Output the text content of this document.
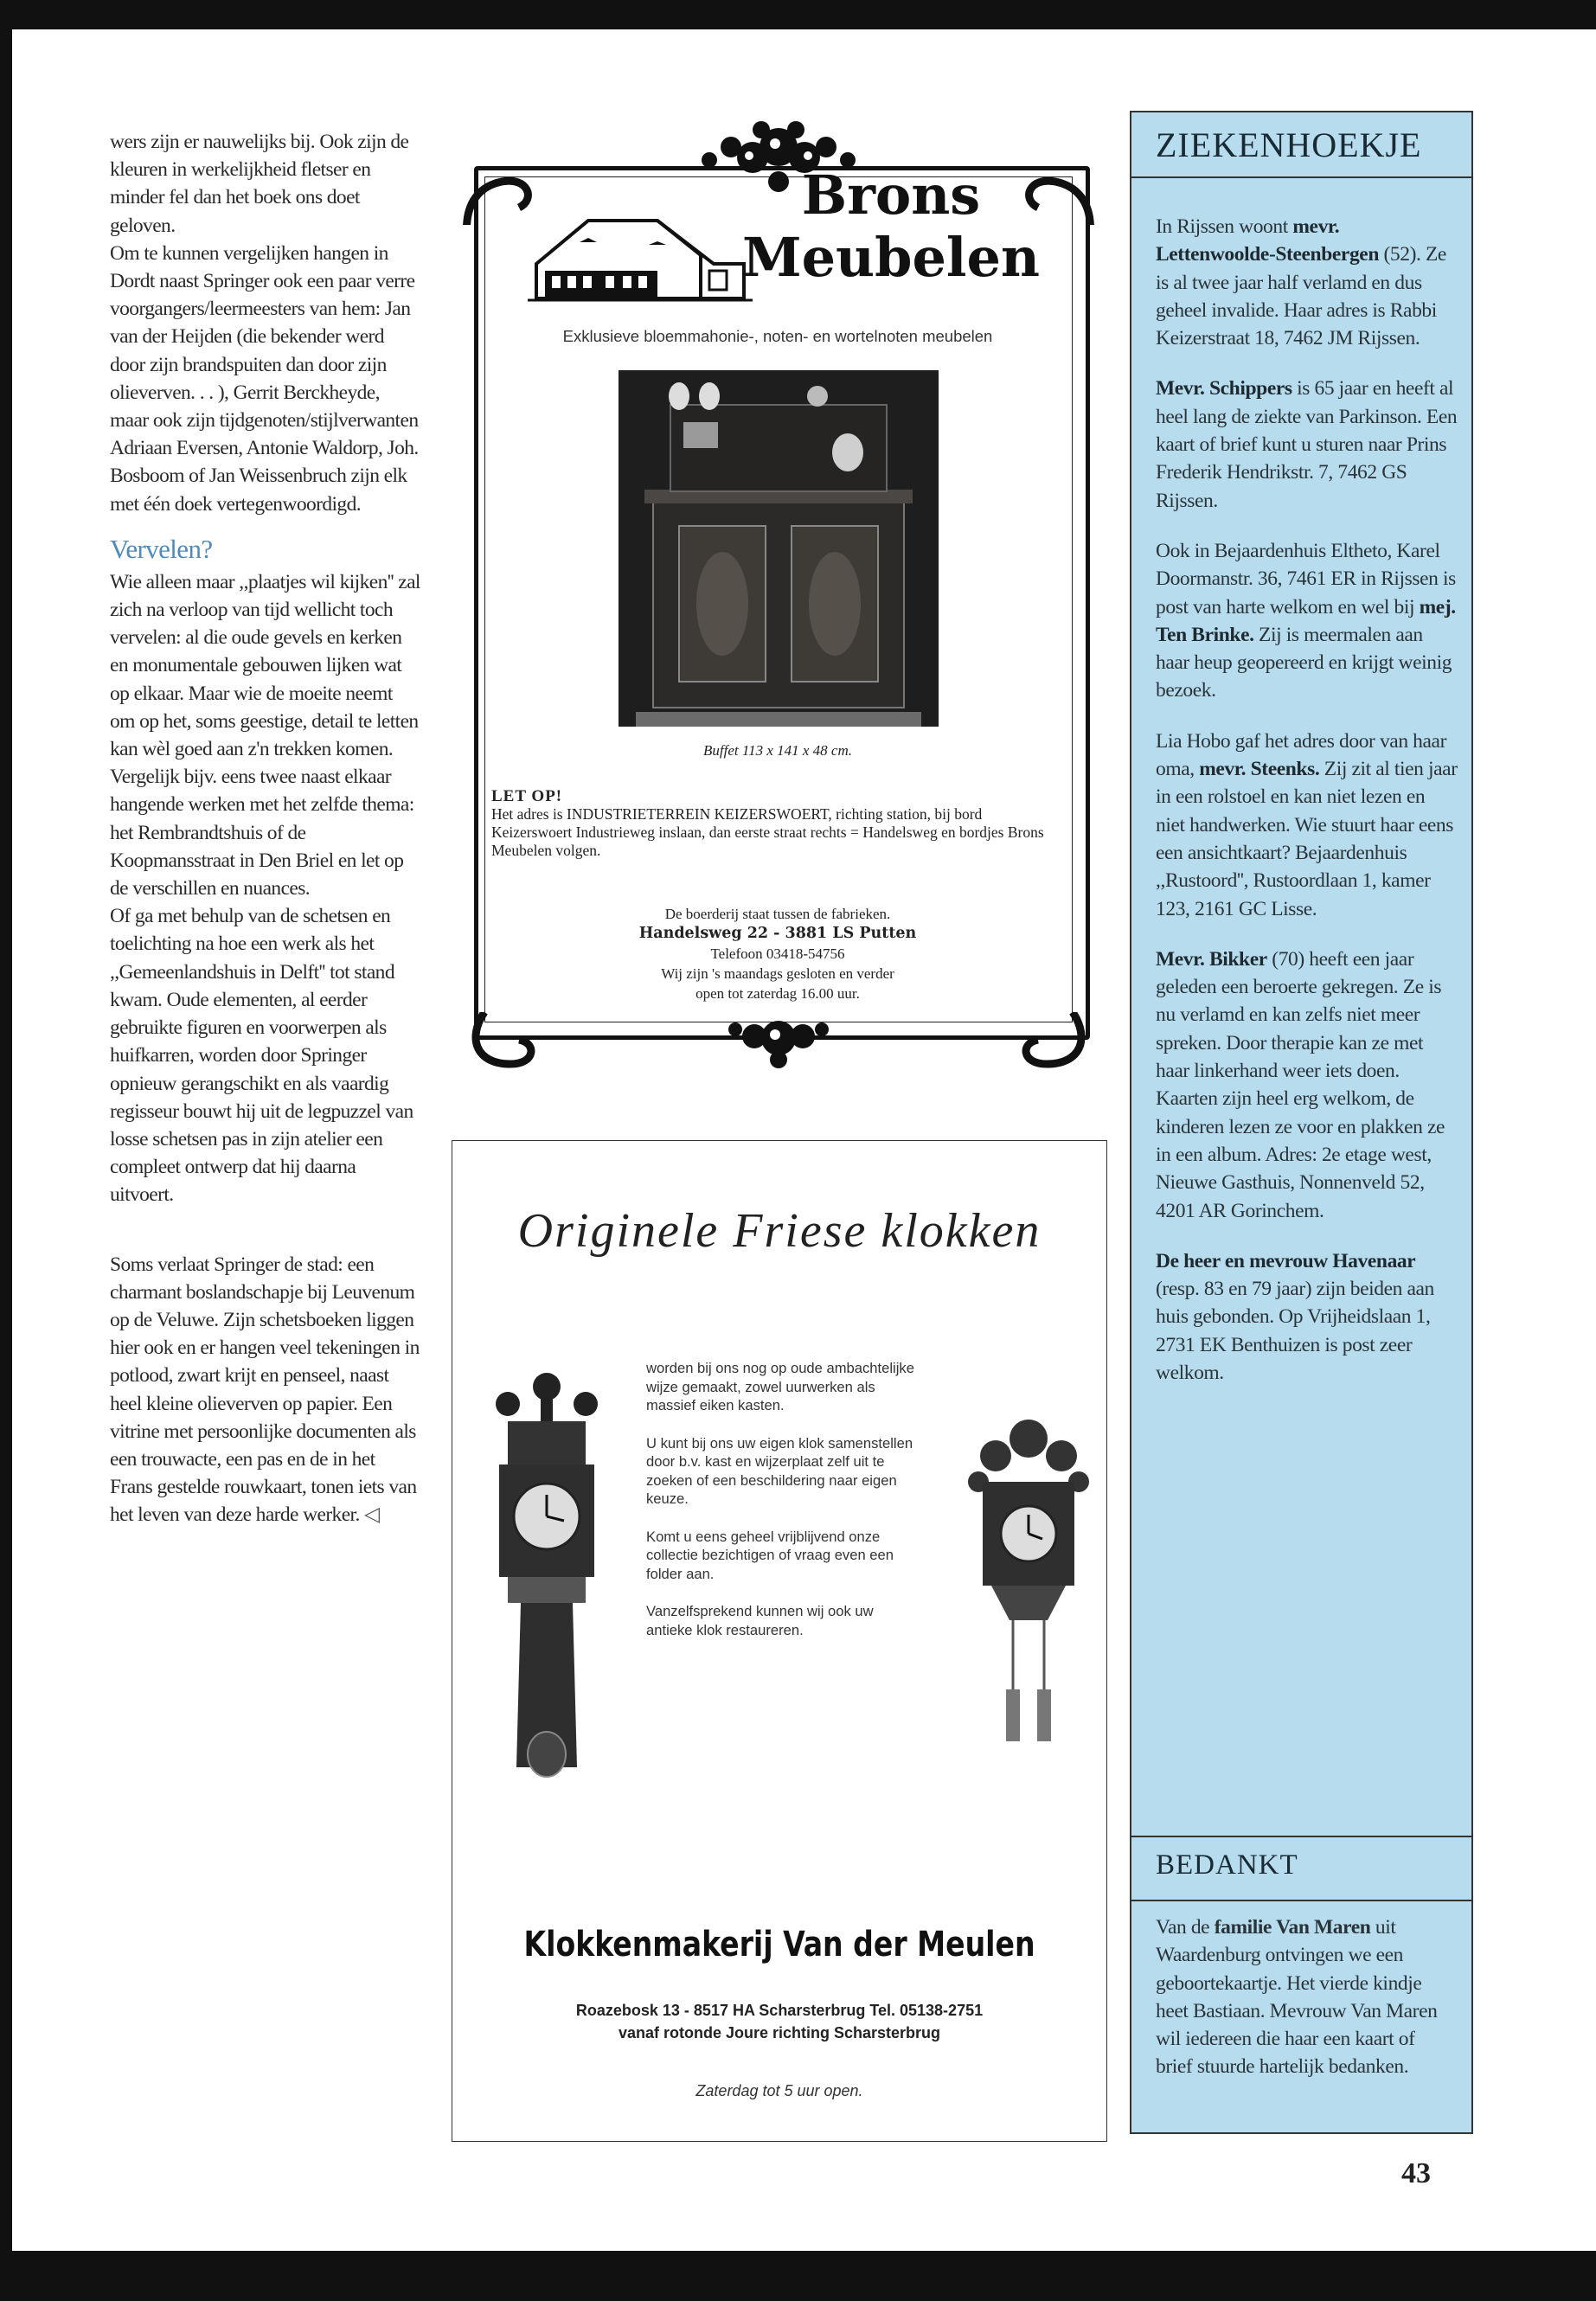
wers zijn er nauwelijks bij. Ook zijn de kleuren in werkelijkheid fletser en minder fel dan het boek ons doet geloven.

Om te kunnen vergelijken hangen in Dordt naast Springer ook een paar verre voorgangers/leermeesters van hem: Jan van der Heijden (die bekender werd door zijn brandspuiten dan door zijn olieverven. . . ), Gerrit Berckheyde, maar ook zijn tijdgenoten/stijlverwanten Adriaan Eversen, Antonie Waldorp, Joh. Bosboom of Jan Weissenbruch zijn elk met één doek vertegenwoordigd.

Vervelen?

Wie alleen maar ,,plaatjes wil kijken'' zal zich na verloop van tijd wellicht toch vervelen: al die oude gevels en kerken en monumentale gebouwen lijken wat op elkaar. Maar wie de moeite neemt om op het, soms geestige, detail te letten kan wèl goed aan z'n trekken komen. Vergelijk bijv. eens twee naast elkaar hangende werken met het zelfde thema: het Rembrandtshuis of de Koopmansstraat in Den Briel en let op de verschillen en nuances.

Of ga met behulp van de schetsen en toelichting na hoe een werk als het ,,Gemeenlandshuis in Delft'' tot stand kwam. Oude elementen, al eerder gebruikte figuren en voorwerpen als huifkarren, worden door Springer opnieuw gerangschikt en als vaardig regisseur bouwt hij uit de legpuzzel van losse schetsen pas in zijn atelier een compleet ontwerp dat hij daarna uitvoert.

Soms verlaat Springer de stad: een charmant boslandschapje bij Leuvenum op de Veluwe. Zijn schetsboeken liggen hier ook en er hangen veel tekeningen in potlood, zwart krijt en penseel, naast heel kleine olieverven op papier. Een vitrine met persoonlijke documenten als een trouwacte, een pas en de in het Frans gestelde rouwkaart, tonen iets van het leven van deze harde werker. ◁

Brons
Meubelen
Exklusieve bloemmahonie-, noten- en wortelnoten meubelen
Buffet 113 x 141 x 48 cm.
LET OP!
Het adres is INDUSTRIETERREIN KEIZERSWOERT, richting station, bij bord Keizerswoert Industrieweg inslaan, dan eerste straat rechts = Handelsweg en bordjes Brons Meubelen volgen.
De boerderij staat tussen de fabrieken.
Handelsweg 22 - 3881 LS Putten
Telefoon 03418-54756
Wij zijn 's maandags gesloten en verder
open tot zaterdag 16.00 uur.
Originele Friese klokken

worden bij ons nog op oude ambachtelijke wijze gemaakt, zowel uurwerken als massief eiken kasten.

U kunt bij ons uw eigen klok samenstellen door b.v. kast en wijzerplaat zelf uit te zoeken of een beschildering naar eigen keuze.

Komt u eens geheel vrijblijvend onze collectie bezichtigen of vraag even een folder aan.

Vanzelfsprekend kunnen wij ook uw antieke klok restaureren.

Klokkenmakerij Van der Meulen
Roazebosk 13 - 8517 HA Scharsterbrug Tel. 05138-2751
vanaf rotonde Joure richting Scharsterbrug
Zaterdag tot 5 uur open.
ZIEKENHOEKJE

In Rijssen woont mevr. Lettenwoolde-Steenbergen (52). Ze is al twee jaar half verlamd en dus geheel invalide. Haar adres is Rabbi Keizerstraat 18, 7462 JM Rijssen.

Mevr. Schippers is 65 jaar en heeft al heel lang de ziekte van Parkinson. Een kaart of brief kunt u sturen naar Prins Frederik Hendrikstr. 7, 7462 GS Rijssen.

Ook in Bejaardenhuis Eltheto, Karel Doormanstr. 36, 7461 ER in Rijssen is post van harte welkom en wel bij mej. Ten Brinke. Zij is meermalen aan haar heup geopereerd en krijgt weinig bezoek.

Lia Hobo gaf het adres door van haar oma, mevr. Steenks. Zij zit al tien jaar in een rolstoel en kan niet lezen en niet handwerken. Wie stuurt haar eens een ansichtkaart? Bejaardenhuis ,,Rustoord'', Rustoordlaan 1, kamer 123, 2161 GC Lisse.

Mevr. Bikker (70) heeft een jaar geleden een beroerte gekregen. Ze is nu verlamd en kan zelfs niet meer spreken. Door therapie kan ze met haar linkerhand weer iets doen. Kaarten zijn heel erg welkom, de kinderen lezen ze voor en plakken ze in een album. Adres: 2e etage west, Nieuwe Gasthuis, Nonnenveld 52, 4201 AR Gorinchem.

De heer en mevrouw Havenaar (resp. 83 en 79 jaar) zijn beiden aan huis gebonden. Op Vrijheidslaan 1, 2731 EK Benthuizen is post zeer welkom.

BEDANKT

Van de familie Van Maren uit Waardenburg ontvingen we een geboortekaartje. Het vierde kindje heet Bastiaan. Mevrouw Van Maren wil iedereen die haar een kaart of brief stuurde hartelijk bedanken.

43
